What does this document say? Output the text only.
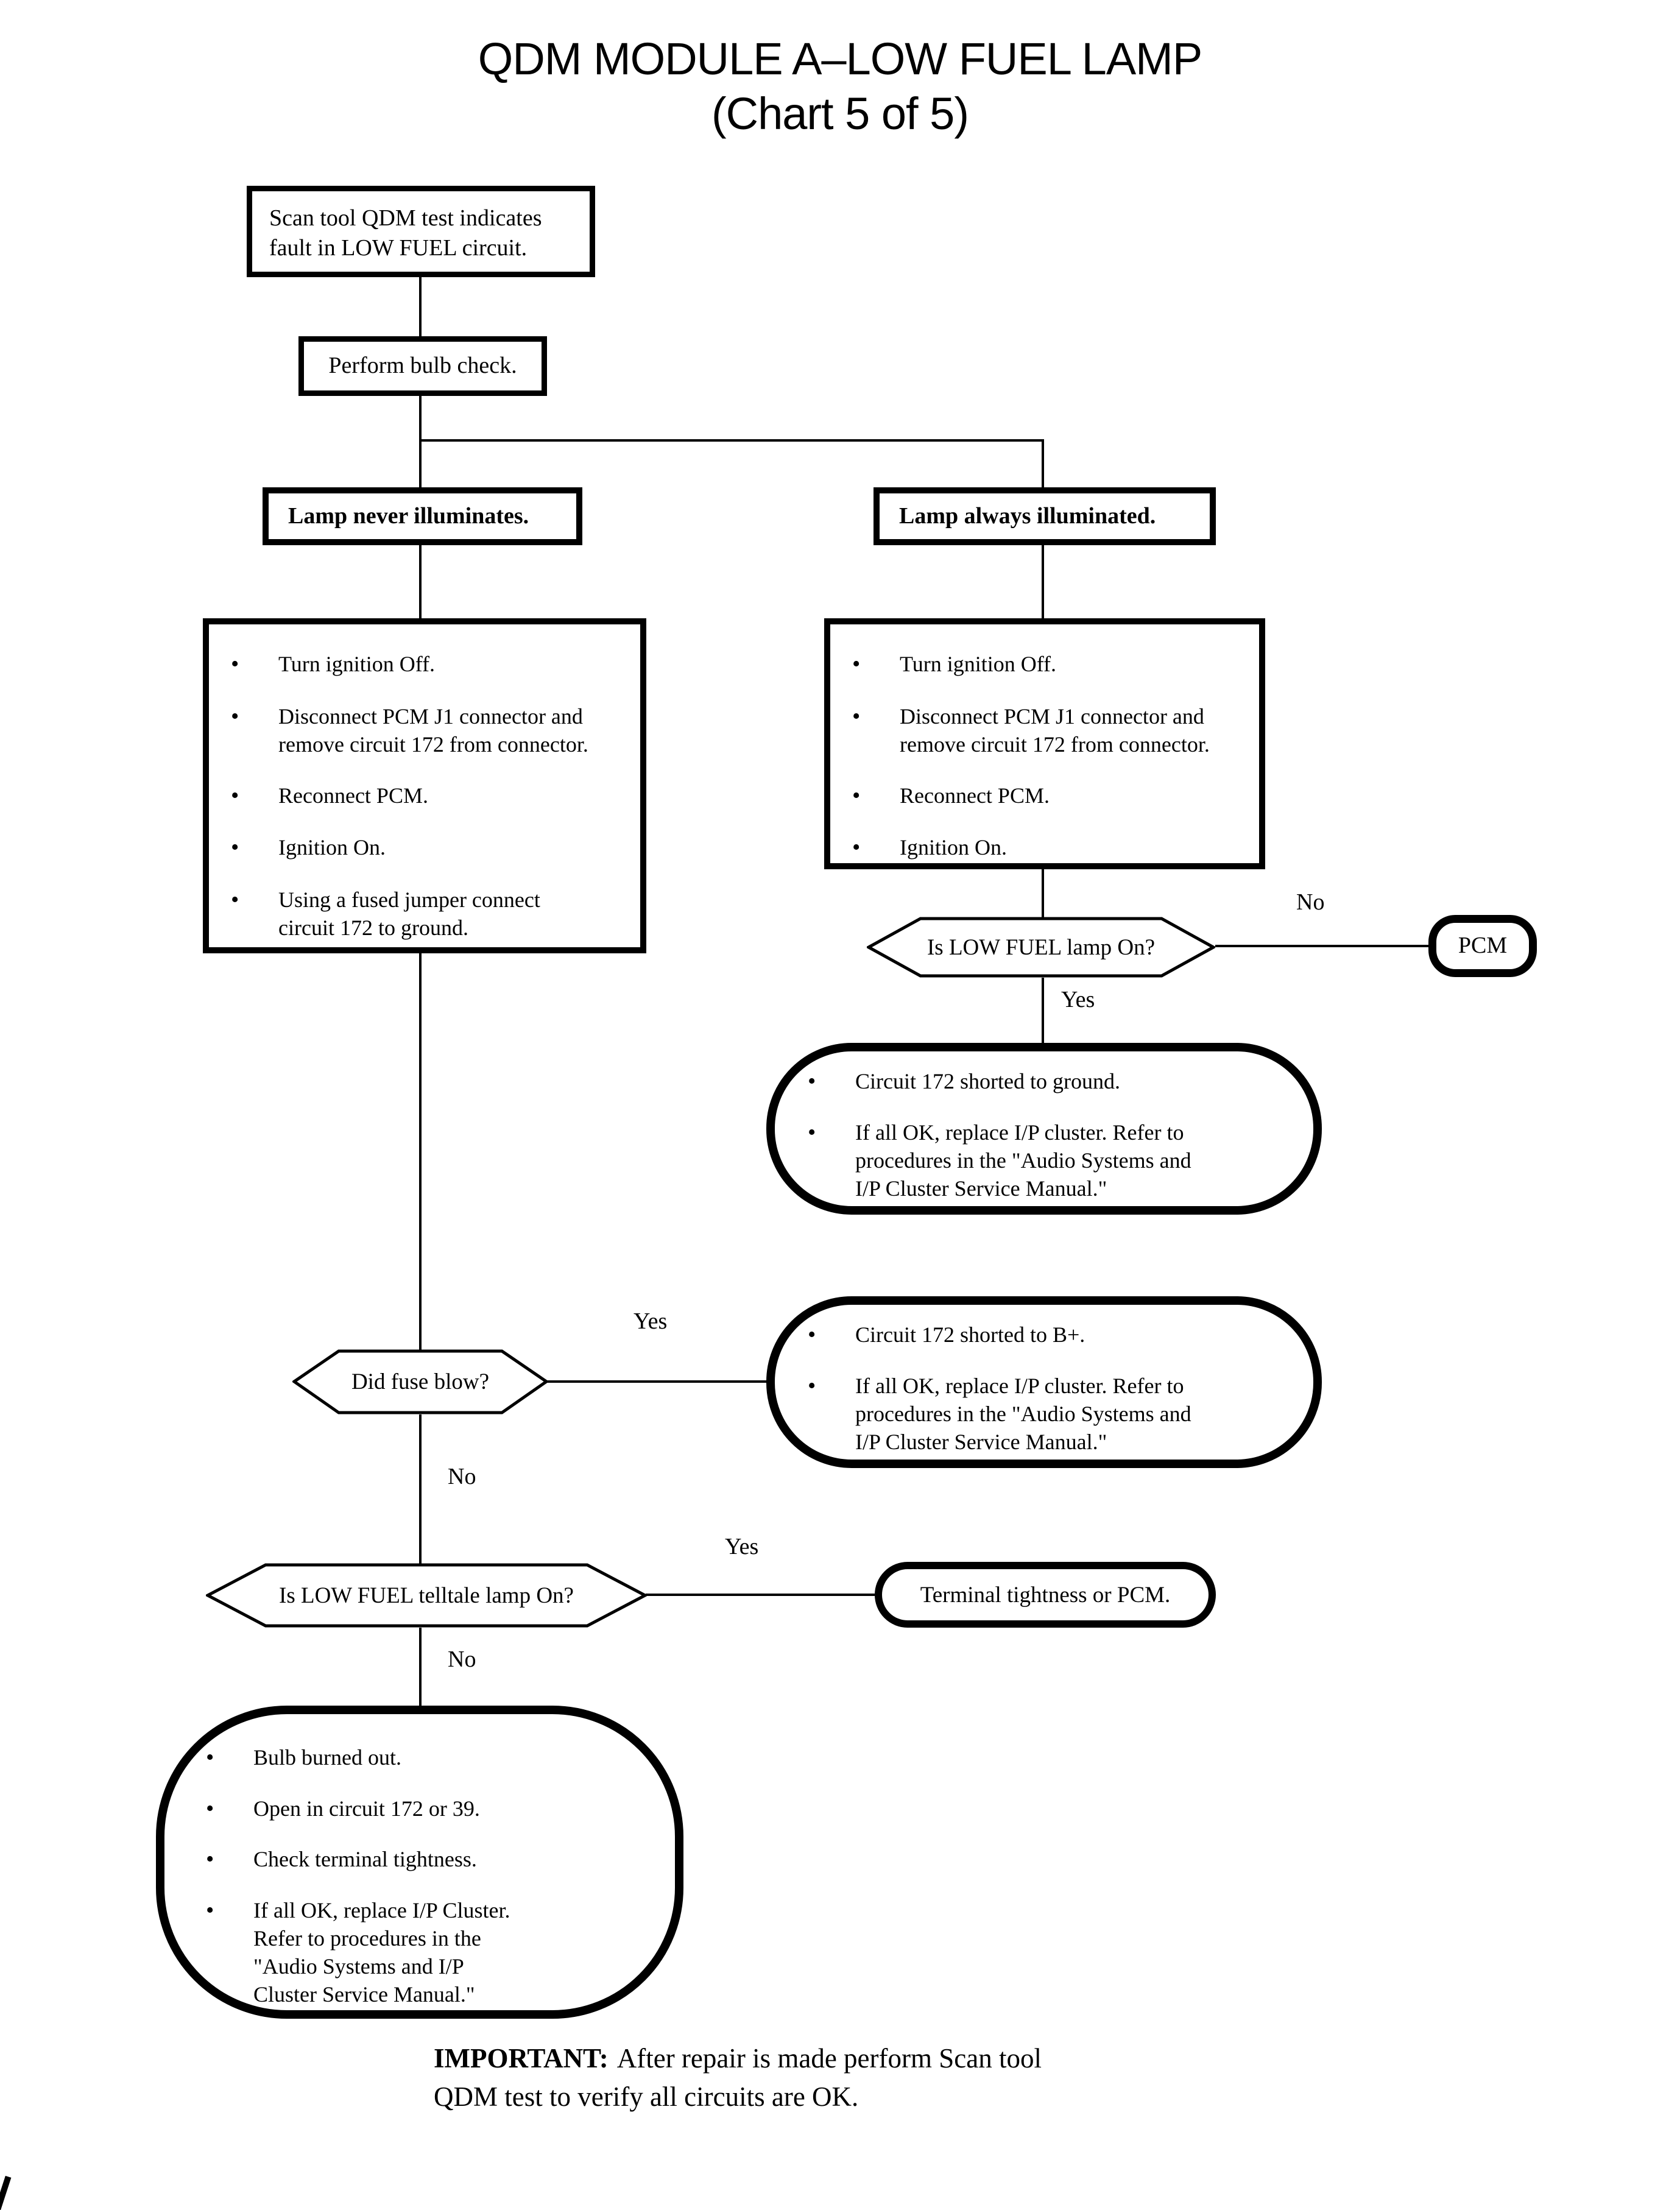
QDM MODULE A–LOW FUEL LAMP
(Chart 5 of 5)
Scan tool QDM test indicates
fault in LOW FUEL circuit.
Perform bulb check.
Lamp never illuminates.	Lamp always illuminated.
•	Turn ignition Off.
•	Disconnect PCM J1 connector and
remove circuit 172 from connector.
•	Reconnect PCM.
•	Ignition On.
•	Using a fused jumper connect
circuit 172 to ground.
•	Turn ignition Off.
•	Disconnect PCM J1 connector and
remove circuit 172 from connector.
•	Reconnect PCM.
•	Ignition On.
Is LOW FUEL lamp On?
No
Yes
PCM
•	Circuit 172 shorted to ground.
•	If all OK, replace I/P cluster. Refer to
procedures in the "Audio Systems and
I/P Cluster Service Manual."
•	Circuit 172 shorted to B+.
•	If all OK, replace I/P cluster. Refer to
procedures in the "Audio Systems and
I/P Cluster Service Manual."
Did fuse blow?
Yes
No
Is LOW FUEL telltale lamp On?
Yes
No
Terminal tightness or PCM.
•	Bulb burned out.
•	Open in circuit 172 or 39.
•	Check terminal tightness.
•	If all OK, replace I/P Cluster.
Refer to procedures in the
"Audio Systems and I/P
Cluster Service Manual."
IMPORTANT: After repair is made perform Scan tool
QDM test to verify all circuits are OK.
